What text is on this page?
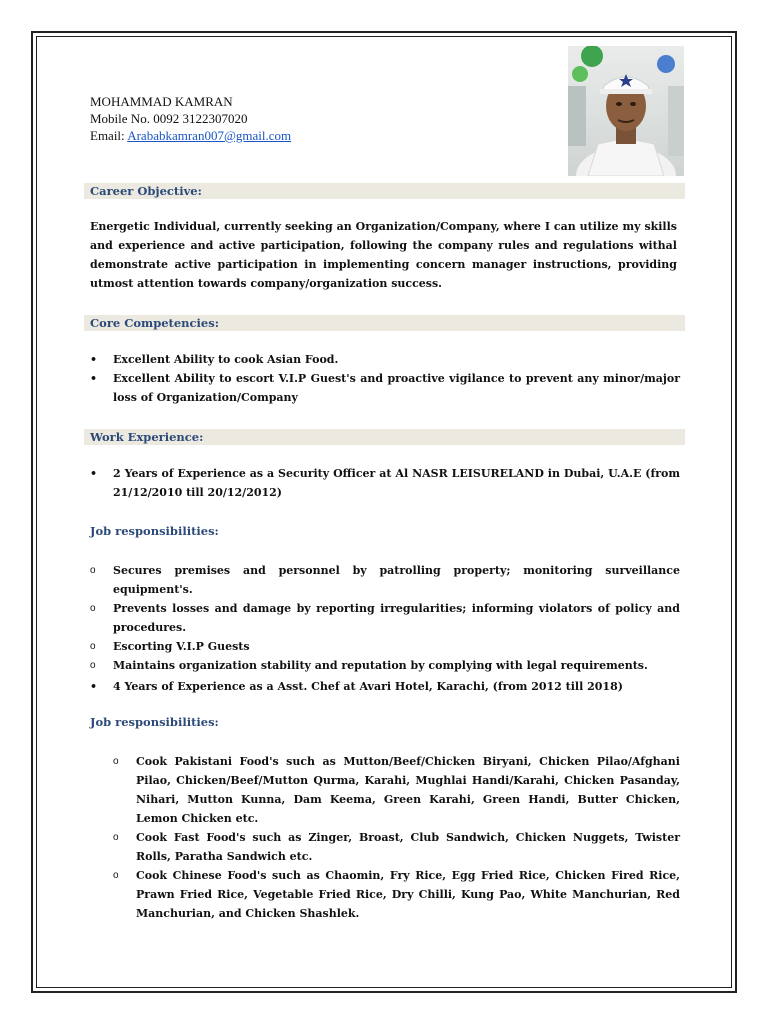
MOHAMMAD KAMRAN
Mobile No. 0092 3122307020
Email: Arababkamran007@gmail.com
Career Objective:
Energetic Individual, currently seeking an Organization/Company, where I can utilize my skills and experience and active participation, following the company rules and regulations withal demonstrate active participation in implementing concern manager instructions, providing utmost attention towards company/organization success.
Core Competencies:
• Excellent Ability to cook Asian Food.
• Excellent Ability to escort V.I.P Guest's and proactive vigilance to prevent any minor/major loss of Organization/Company
Work Experience:
• 2 Years of Experience as a Security Officer at Al NASR LEISURELAND in Dubai, U.A.E (from 21/12/2010 till 20/12/2012)
Job responsibilities:
o Secures premises and personnel by patrolling property; monitoring surveillance equipment's.
o Prevents losses and damage by reporting irregularities; informing violators of policy and procedures.
o Escorting V.I.P Guests
o Maintains organization stability and reputation by complying with legal requirements.
• 4 Years of Experience as a Asst. Chef at Avari Hotel, Karachi, (from 2012 till 2018)
Job responsibilities:
o Cook Pakistani Food's such as Mutton/Beef/Chicken Biryani, Chicken Pilao/Afghani Pilao, Chicken/Beef/Mutton Qurma, Karahi, Mughlai Handi/Karahi, Chicken Pasanday, Nihari, Mutton Kunna, Dam Keema, Green Karahi, Green Handi, Butter Chicken, Lemon Chicken etc.
o Cook Fast Food's such as Zinger, Broast, Club Sandwich, Chicken Nuggets, Twister Rolls, Paratha Sandwich etc.
o Cook Chinese Food's such as Chaomin, Fry Rice, Egg Fried Rice, Chicken Fired Rice, Prawn Fried Rice, Vegetable Fried Rice, Dry Chilli, Kung Pao, White Manchurian, Red Manchurian, and Chicken Shashlek.
